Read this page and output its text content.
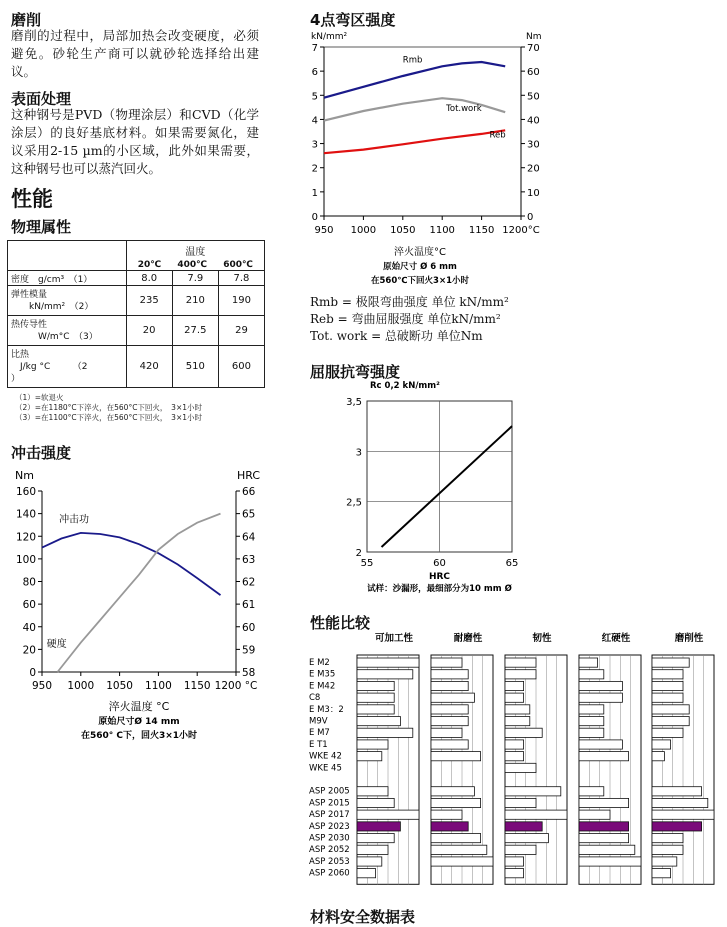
磨削
磨削的过程中，局部加热会改变硬度，必须避免。砂轮生产商可以就砂轮选择给出建议。
表面处理
这种钢号是PVD（物理涂层）和CVD（化学涂层）的良好基底材料。如果需要氮化，建议采用2-15 µm的小区域，此外如果需要，这种钢号也可以蒸汽回火。
性能
物理属性

	温度
20℃ 400℃ 600℃		

密度　g/cm³　（1）	8.0	7.9	7.8
弹性模量
　　kN/mm²　（2）	235	210	190
热传导性
　　　W/m°C　（3）	20	27.5	29
比热
　J/kg °C　　　（2
）	420	510	600
（1）=软退火
（2）=在1180°C下淬火，在560°C下回火，　3×1小时
（3）=在1100°C下淬火，在560°C下回火，　3×1小时
冲击强度
Nm	HRC
0
20
40
60
80
100
120
140
160
58
59
60
61
62
63
64
65
66
950 1000 1050 1100 1150 1200 °C
冲击功
硬度
淬火温度 °C
原始尺寸Ø 14 mm
在560° C下，回火3×1小时
4点弯区强度
kN/mm²	Nm
0
1
2
3
4
5
6
7
0
10
20
30
40
50
60
70
950 1000 1050 1100 1150 1200°C
Rmb
Tot.work
Reb
淬火温度°C
原始尺寸 Ø 6 mm
在560℃下回火3×1小时
Rmb = 极限弯曲强度 单位 kN/mm²
Reb = 弯曲屈服强度 单位kN/mm²
Tot. work = 总破断功 单位Nm
屈服抗弯强度
Rc 0,2 kN/mm²
2
2,5
3
3,5
55	60	65
HRC
试样：沙漏形，最细部分为10 mm Ø
性能比较
可加工性	耐磨性	韧性	红硬性	磨削性
E M2
E M35
E M42
C8
E M3：2
M9V
E M7
E T1
WKE 42
WKE 45
ASP 2005
ASP 2015
ASP 2017
ASP 2023
ASP 2030
ASP 2052
ASP 2053
ASP 2060
材料安全数据表
